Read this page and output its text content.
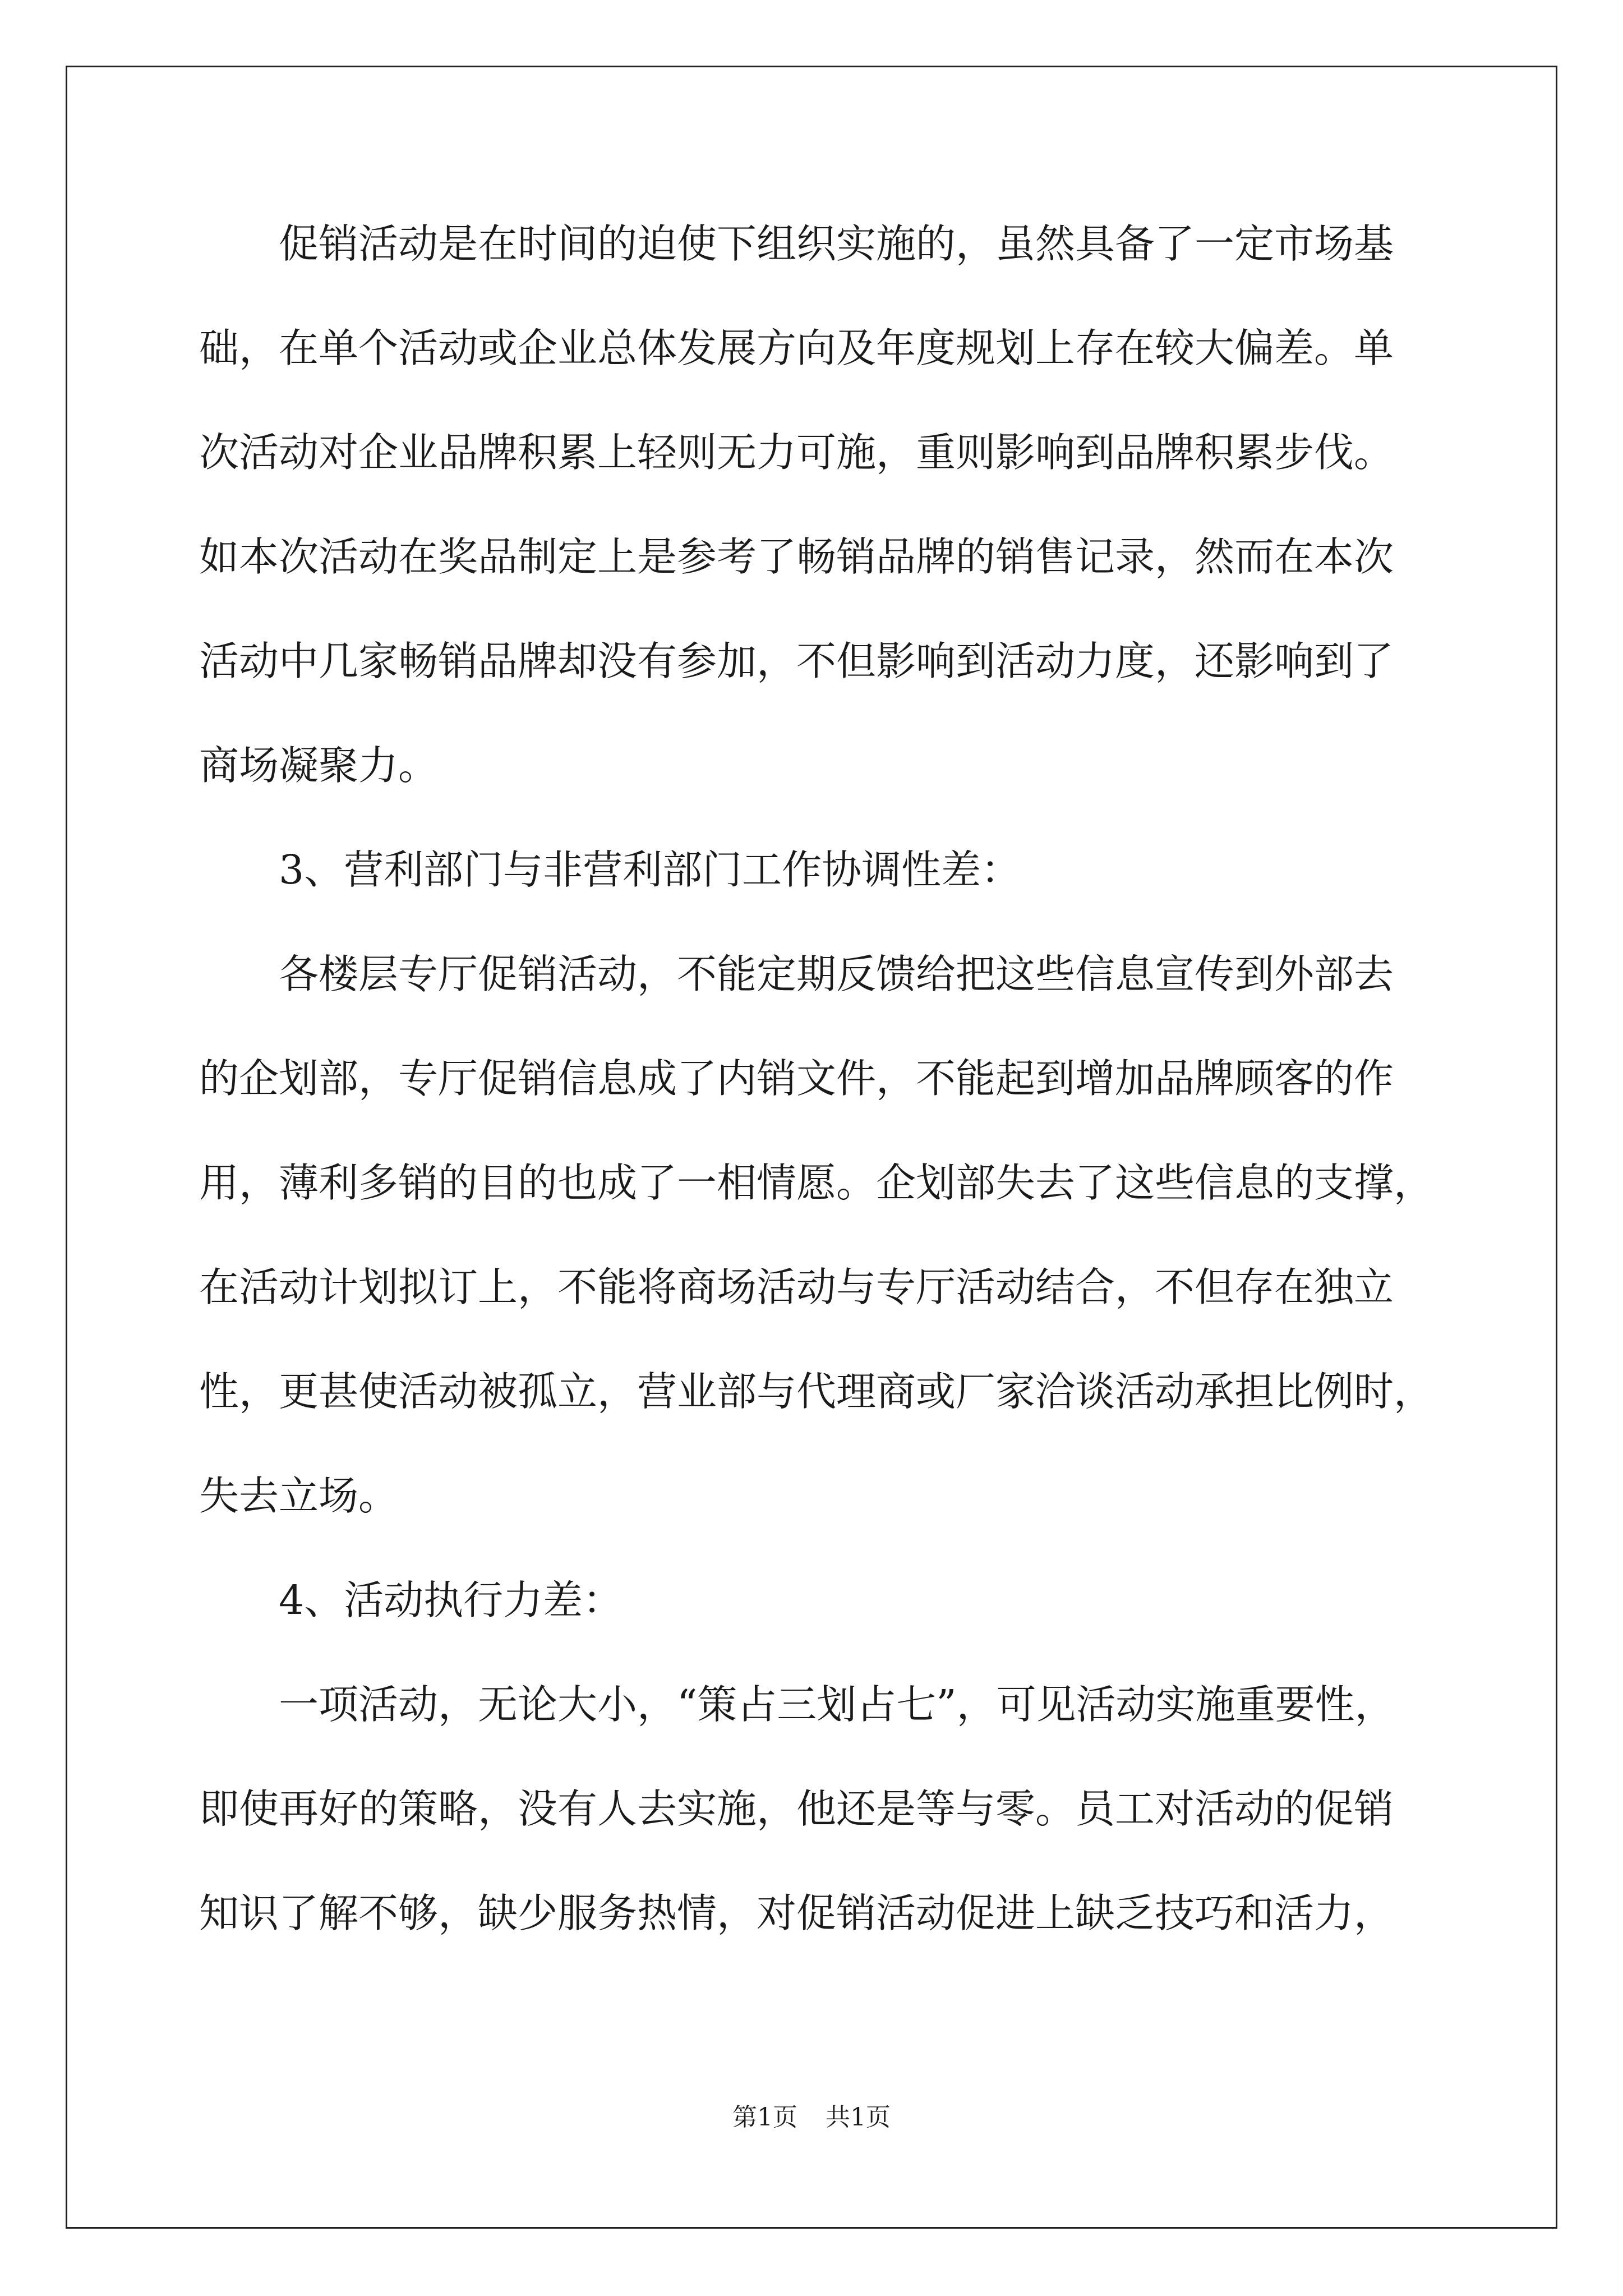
促销活动是在时间的迫使下组织实施的，虽然具备了一定市场基
础，在单个活动或企业总体发展方向及年度规划上存在较大偏差。单
次活动对企业品牌积累上轻则无力可施，重则影响到品牌积累步伐。
如本次活动在奖品制定上是参考了畅销品牌的销售记录，然而在本次
活动中几家畅销品牌却没有参加，不但影响到活动力度，还影响到了
商场凝聚力。
3、营利部门与非营利部门工作协调性差：
各楼层专厅促销活动，不能定期反馈给把这些信息宣传到外部去
的企划部，专厅促销信息成了内销文件，不能起到增加品牌顾客的作
用，薄利多销的目的也成了一相情愿。企划部失去了这些信息的支撑，
在活动计划拟订上，不能将商场活动与专厅活动结合，不但存在独立
性，更甚使活动被孤立，营业部与代理商或厂家洽谈活动承担比例时，
失去立场。
4、活动执行力差：
一项活动，无论大小，“策占三划占七”，可见活动实施重要性，
即使再好的策略，没有人去实施，他还是等与零。员工对活动的促销
知识了解不够，缺少服务热情，对促销活动促进上缺乏技巧和活力，
第1页 共1页
